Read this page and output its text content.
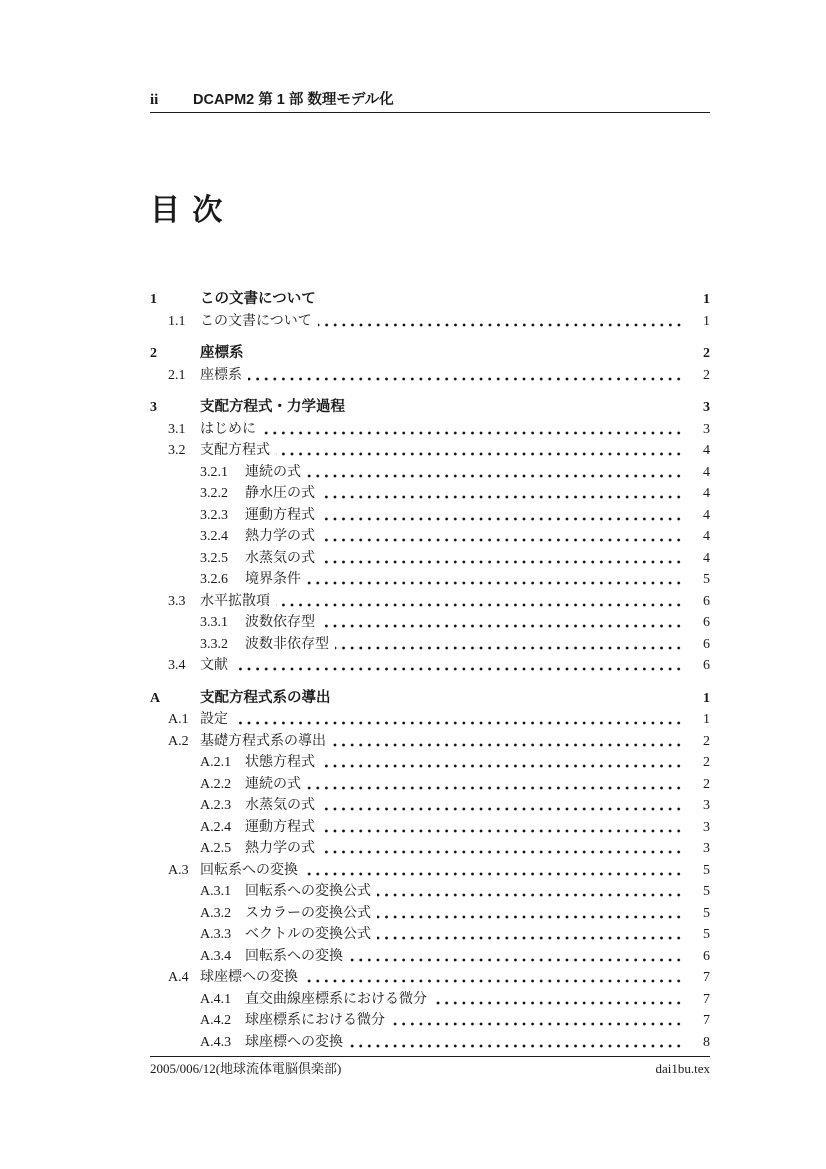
ii DCAPM2 第 1 部 数理モデル化
目 次
1	この文書について	1
1.1	この文書について	1
2	座標系	2
2.1	座標系	2
3	支配方程式・力学過程	3
3.1	はじめに	3
3.2	支配方程式	4
3.2.1	連続の式	4
3.2.2	静水圧の式	4
3.2.3	運動方程式	4
3.2.4	熱力学の式	4
3.2.5	水蒸気の式	4
3.2.6	境界条件	5
3.3	水平拡散項	6
3.3.1	波数依存型	6
3.3.2	波数非依存型	6
3.4	文献	6
A	支配方程式系の導出	1
A.1 設定	1
A.2 基礎方程式系の導出	2
A.2.1 状態方程式	2
A.2.2 連続の式	2
A.2.3 水蒸気の式	3
A.2.4 運動方程式	3
A.2.5 熱力学の式	3
A.3 回転系への変換	5
A.3.1 回転系への変換公式	5
A.3.2 スカラーの変換公式	5
A.3.3 ベクトルの変換公式	5
A.3.4 回転系への変換	6
A.4 球座標への変換	7
A.4.1 直交曲線座標系における微分	7
A.4.2 球座標系における微分	7
A.4.3 球座標への変換	8
2005/006/12(地球流体電脳倶楽部)	dai1bu.tex
